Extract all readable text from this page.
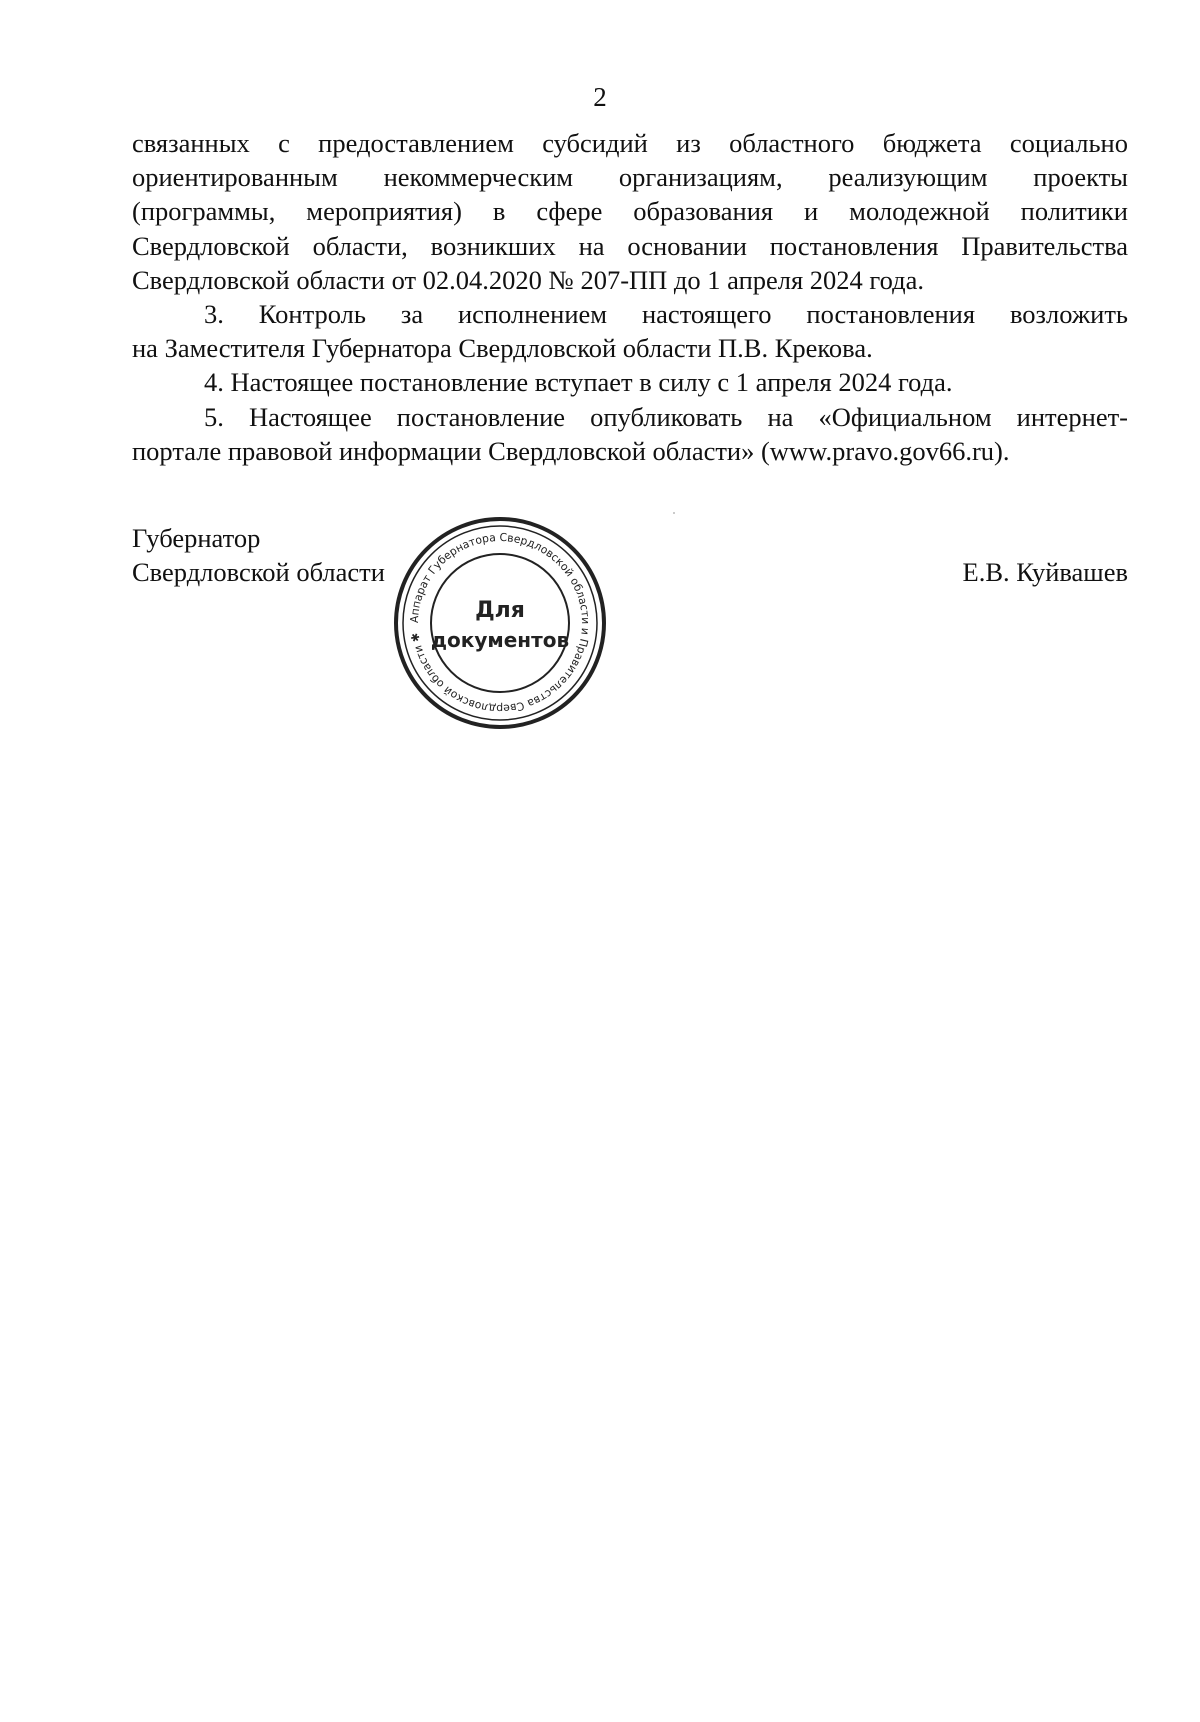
2

связанных с предоставлением субсидий из областного бюджета социально

ориентированным некоммерческим организациям, реализующим проекты

(программы, мероприятия) в сфере образования и молодежной политики

Свердловской области, возникших на основании постановления Правительства

Свердловской области от 02.04.2020 № 207-ПП до 1 апреля 2024 года.

3. Контроль за исполнением настоящего постановления возложить

на Заместителя Губернатора Свердловской области П.В. Крекова.

4. Настоящее постановление вступает в силу с 1 апреля 2024 года.

5. Настоящее постановление опубликовать на «Официальном интернет-

портале правовой информации Свердловской области» (www.pravo.gov66.ru).

Губернатор
Свердловской области	Е.В. Куйвашев
Аппарат Губернатора Свердловской области и Правительства Свердловской области ✱
Для
документов
